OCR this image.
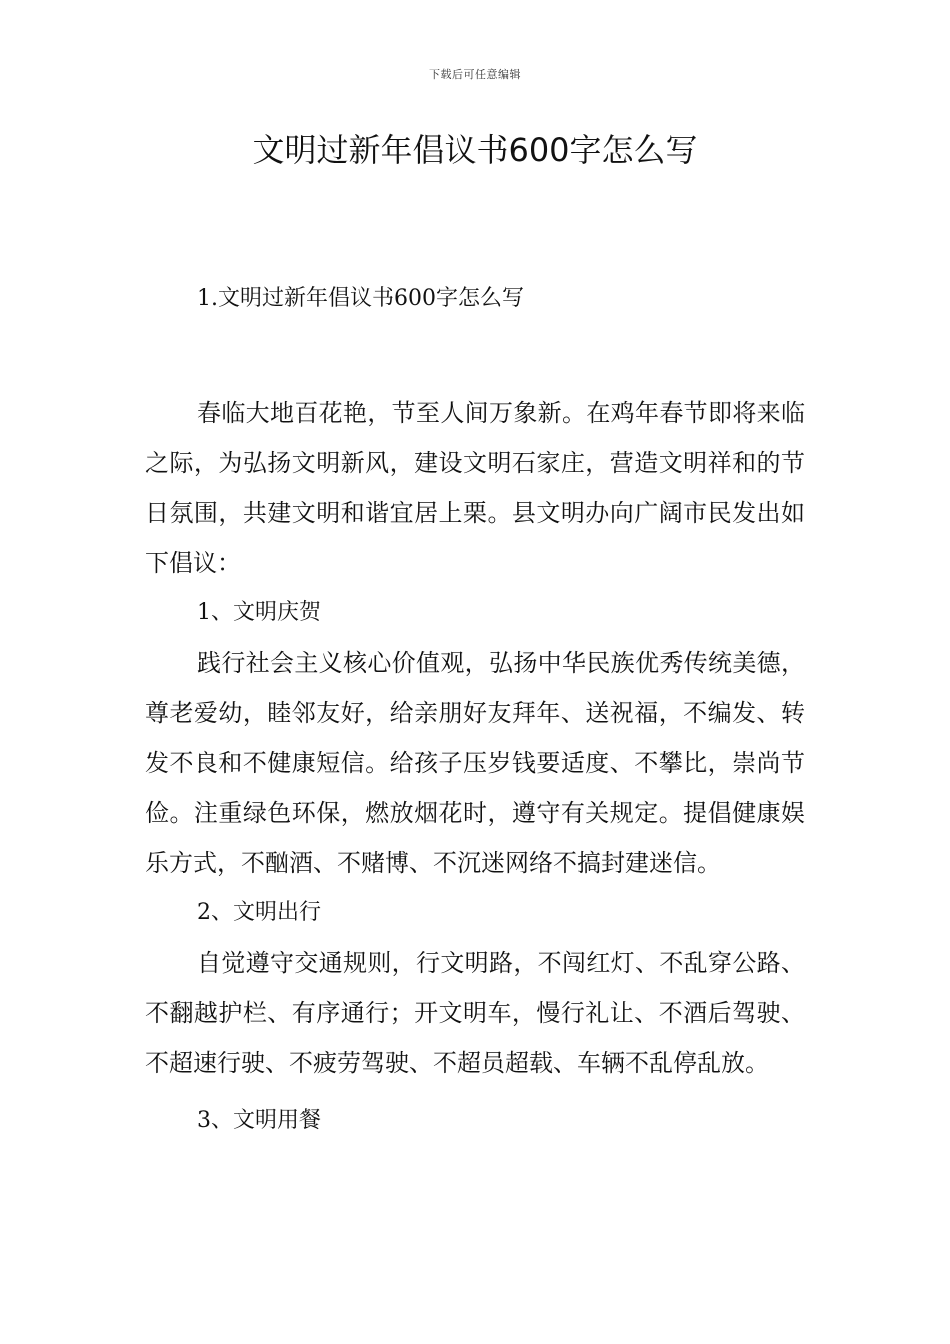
下载后可任意编辑
文明过新年倡议书600字怎么写

1.文明过新年倡议书600字怎么写

春临大地百花艳，节至人间万象新。在鸡年春节即将来临之际，为弘扬文明新风，建设文明石家庄，营造文明祥和的节日氛围，共建文明和谐宜居上栗。县文明办向广阔市民发出如下倡议：

1、文明庆贺

践行社会主义核心价值观，弘扬中华民族优秀传统美德，尊老爱幼，睦邻友好，给亲朋好友拜年、送祝福，不编发、转发不良和不健康短信。给孩子压岁钱要适度、不攀比，崇尚节俭。注重绿色环保，燃放烟花时，遵守有关规定。提倡健康娱乐方式，不酗酒、不赌博、不沉迷网络不搞封建迷信。

2、文明出行

自觉遵守交通规则，行文明路，不闯红灯、不乱穿公路、不翻越护栏、有序通行；开文明车，慢行礼让、不酒后驾驶、不超速行驶、不疲劳驾驶、不超员超载、车辆不乱停乱放。

3、文明用餐
